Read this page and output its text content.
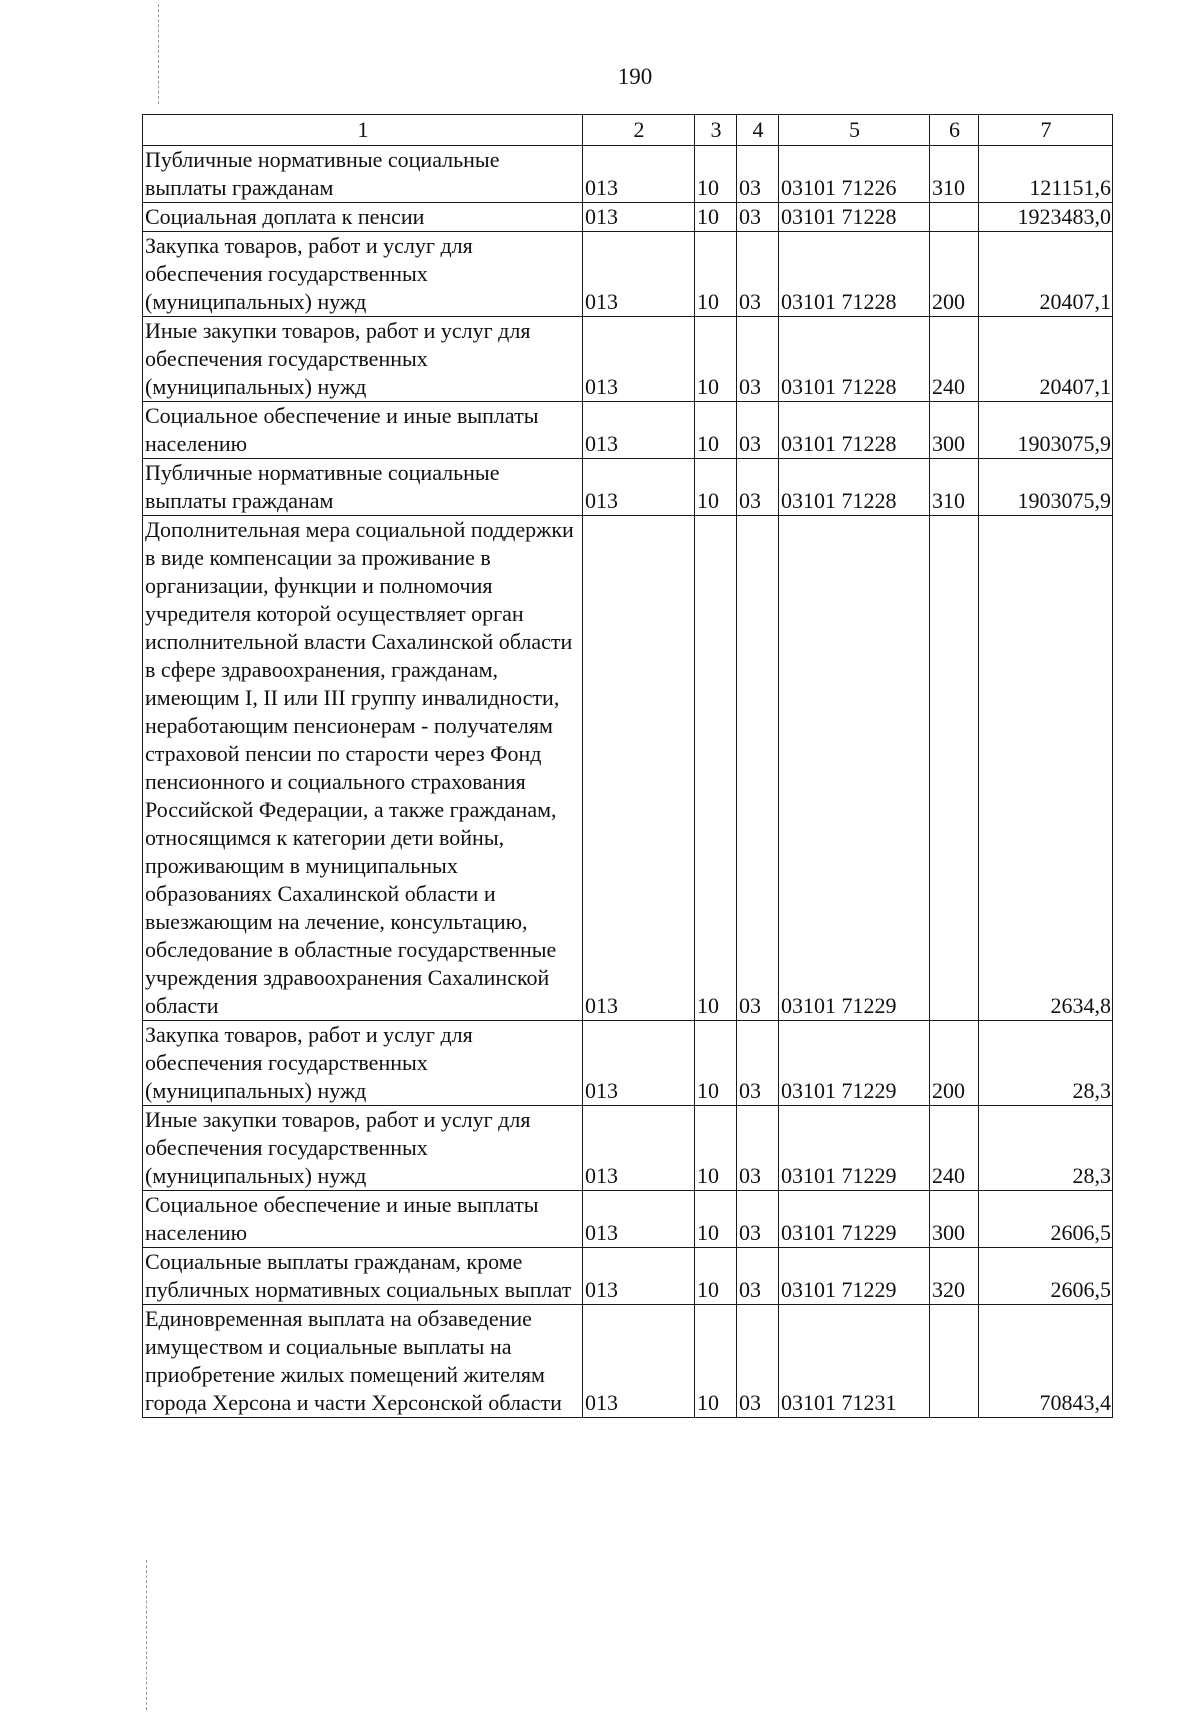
190
1	2	3	4	5	6	7
Публичные нормативные социальные выплаты гражданам	013	10	03	03101 71226	310	121151,6
Социальная доплата к пенсии	013	10	03	03101 71228		1923483,0
Закупка товаров, работ и услуг для обеспечения государственных (муниципальных) нужд	013	10	03	03101 71228	200	20407,1
Иные закупки товаров, работ и услуг для обеспечения государственных (муниципальных) нужд	013	10	03	03101 71228	240	20407,1
Социальное обеспечение и иные выплаты населению	013	10	03	03101 71228	300	1903075,9
Публичные нормативные социальные выплаты гражданам	013	10	03	03101 71228	310	1903075,9
Дополнительная мера социальной поддержки в виде компенсации за проживание в организации, функции и полномочия учредителя которой осуществляет орган исполнительной власти Сахалинской области в сфере здравоохранения, гражданам, имеющим I, II или III группу инвалидности, неработающим пенсионерам - получателям страховой пенсии по старости через Фонд пенсионного и социального страхования Российской Федерации, а также гражданам, относящимся к категории дети войны, проживающим в муниципальных образованиях Сахалинской области и выезжающим на лечение, консультацию, обследование в областные государственные учреждения здравоохранения Сахалинской области	013	10	03	03101 71229		2634,8
Закупка товаров, работ и услуг для обеспечения государственных (муниципальных) нужд	013	10	03	03101 71229	200	28,3
Иные закупки товаров, работ и услуг для обеспечения государственных (муниципальных) нужд	013	10	03	03101 71229	240	28,3
Социальное обеспечение и иные выплаты населению	013	10	03	03101 71229	300	2606,5
Социальные выплаты гражданам, кроме публичных нормативных социальных выплат	013	10	03	03101 71229	320	2606,5
Единовременная выплата на обзаведение имуществом и социальные выплаты на приобретение жилых помещений жителям города Херсона и части Херсонской области	013	10	03	03101 71231		70843,4
